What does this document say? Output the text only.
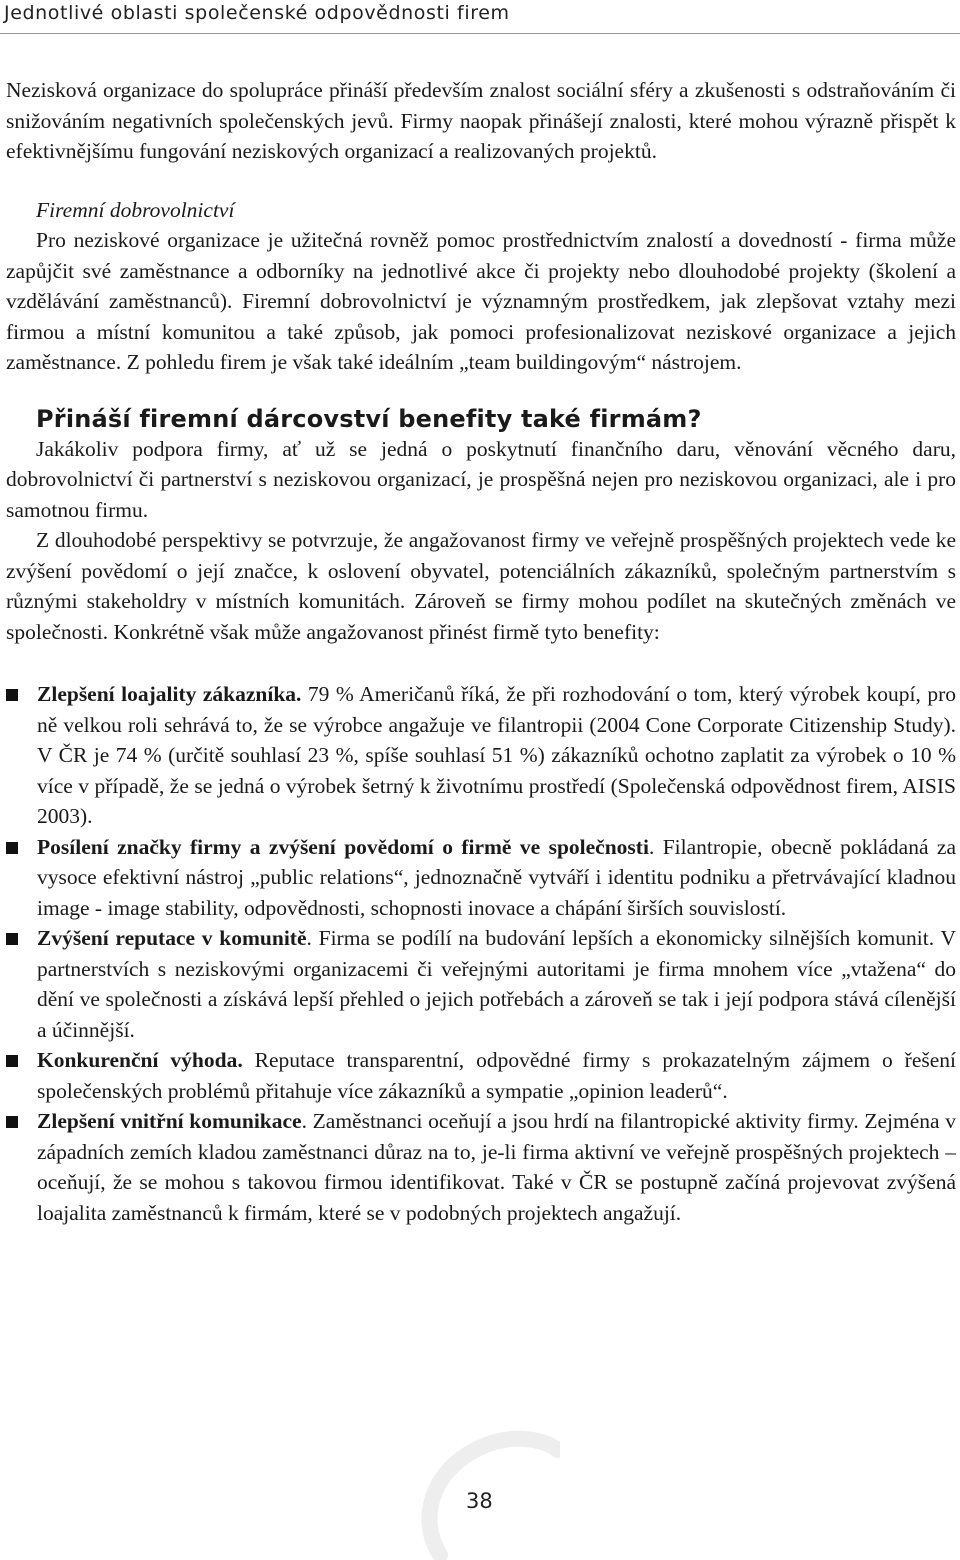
Jednotlivé oblasti společenské odpovědnosti firem

Nezisková organizace do spolupráce přináší především znalost sociální sféry a zkušenosti s odstraňováním či snižováním negativních společenských jevů. Firmy naopak přinášejí znalosti, které mohou výrazně přispět k efektivnějšímu fungování neziskových organizací a realizovaných projektů.

Firemní dobrovolnictví

Pro neziskové organizace je užitečná rovněž pomoc prostřednictvím znalostí a dovedností - firma může zapůjčit své zaměstnance a odborníky na jednotlivé akce či projekty nebo dlouhodobé projekty (školení a vzdělávání zaměstnanců). Firemní dobrovolnictví je významným prostředkem, jak zlepšovat vztahy mezi firmou a místní komunitou a také způsob, jak pomoci profesionalizovat neziskové organizace a jejich zaměstnance. Z pohledu firem je však také ideálním „team buildingovým“ nástrojem.

Přináší firemní dárcovství benefity také firmám?

Jakákoliv podpora firmy, ať už se jedná o poskytnutí finančního daru, věnování věcného daru, dobrovolnictví či partnerství s neziskovou organizací, je prospěšná nejen pro neziskovou organizaci, ale i pro samotnou firmu.

Z dlouhodobé perspektivy se potvrzuje, že angažovanost firmy ve veřejně prospěšných projektech vede ke zvýšení povědomí o její značce, k oslovení obyvatel, potenciálních zákazníků, společným partnerstvím s různými stakeholdry v místních komunitách. Zároveň se firmy mohou podílet na skutečných změnách ve společnosti. Konkrétně však může angažovanost přinést firmě tyto benefity:

Zlepšení loajality zákazníka. 79 % Američanů říká, že při rozhodování o tom, který výrobek koupí, pro ně velkou roli sehrává to, že se výrobce angažuje ve filantropii (2004 Cone Corporate Citizenship Study). V ČR je 74 % (určitě souhlasí 23 %, spíše souhlasí 51 %) zákazníků ochotno zaplatit za výrobek o 10 % více v případě, že se jedná o výrobek šetrný k životnímu prostředí (Společenská odpovědnost firem, AISIS 2003).
Posílení značky firmy a zvýšení povědomí o firmě ve společnosti. Filantropie, obecně pokládaná za vysoce efektivní nástroj „public relations“, jednoznačně vytváří i identitu podniku a přetrvávající kladnou image - image stability, odpovědnosti, schopnosti inovace a chápání širších souvislostí.
Zvýšení reputace v komunitě. Firma se podílí na budování lepších a ekonomicky silnějších komunit. V partnerstvích s neziskovými organizacemi či veřejnými autoritami je firma mnohem více „vtažena“ do dění ve společnosti a získává lepší přehled o jejich potřebách a zároveň se tak i její podpora stává cílenější a účinnější.
Konkurenční výhoda. Reputace transparentní, odpovědné firmy s prokazatelným zájmem o řešení společenských problémů přitahuje více zákazníků a sympatie „opinion leaderů“.
Zlepšení vnitřní komunikace. Zaměstnanci oceňují a jsou hrdí na filantropické aktivity firmy. Zejména v západních zemích kladou zaměstnanci důraz na to, je-li firma aktivní ve veřejně prospěšných projektech – oceňují, že se mohou s takovou firmou identifikovat. Také v ČR se postupně začíná projevovat zvýšená loajalita zaměstnanců k firmám, které se v podobných projektech angažují.
38
